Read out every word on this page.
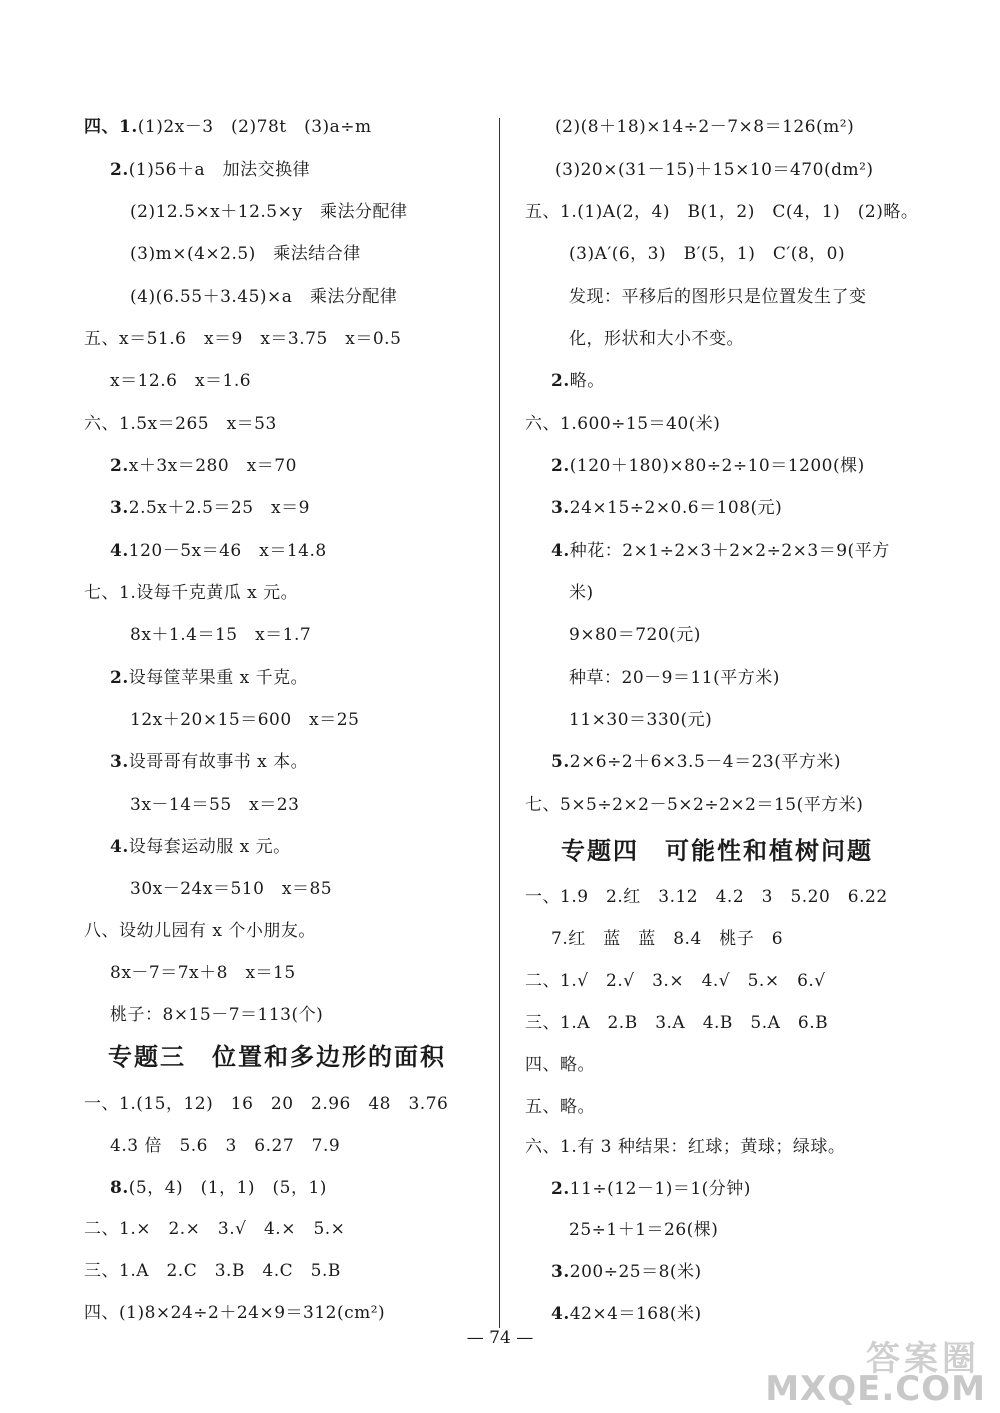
四、1.(1)2x－3　(2)78t　(3)a÷m
2.(1)56＋a　加法交换律
(2)12.5×x＋12.5×y　乘法分配律
(3)m×(4×2.5)　乘法结合律
(4)(6.55＋3.45)×a　乘法分配律
五、x＝51.6　x＝9　x＝3.75　x＝0.5
x＝12.6　x＝1.6
六、1.5x＝265　x＝53
2.x＋3x＝280　x＝70
3.2.5x＋2.5＝25　x＝9
4.120－5x＝46　x＝14.8
七、1.设每千克黄瓜 x 元。
8x＋1.4＝15　x＝1.7
2.设每筐苹果重 x 千克。
12x＋20×15＝600　x＝25
3.设哥哥有故事书 x 本。
3x－14＝55　x＝23
4.设每套运动服 x 元。
30x－24x＝510　x＝85
八、设幼儿园有 x 个小朋友。
8x－7＝7x＋8　x＝15
桃子：8×15－7＝113(个)
专题三　位置和多边形的面积
一、1.(15，12)　16　20　2.96　48　3.76
4.3 倍　5.6　3　6.27　7.9
8.(5，4)　(1，1)　(5，1)
二、1.×　2.×　3.√　4.×　5.×
三、1.A　2.C　3.B　4.C　5.B
四、(1)8×24÷2＋24×9＝312(cm²)
(2)(8＋18)×14÷2－7×8＝126(m²)
(3)20×(31－15)＋15×10＝470(dm²)
五、1.(1)A(2，4)　B(1，2)　C(4，1)　(2)略。
(3)A′(6，3)　B′(5，1)　C′(8，0)
发现：平移后的图形只是位置发生了变
化，形状和大小不变。
2.略。
六、1.600÷15＝40(米)
2.(120＋180)×80÷2÷10＝1200(棵)
3.24×15÷2×0.6＝108(元)
4.种花：2×1÷2×3＋2×2÷2×3＝9(平方
米)
9×80＝720(元)
种草：20－9＝11(平方米)
11×30＝330(元)
5.2×6÷2＋6×3.5－4＝23(平方米)
七、5×5÷2×2－5×2÷2×2＝15(平方米)
专题四　可能性和植树问题
一、1.9　2.红　3.12　4.2　3　5.20　6.22
7.红　蓝　蓝　8.4　桃子　6
二、1.√　2.√　3.×　4.√　5.×　6.√
三、1.A　2.B　3.A　4.B　5.A　6.B
四、略。
五、略。
六、1.有 3 种结果：红球；黄球；绿球。
2.11÷(12－1)＝1(分钟)
25÷1＋1＝26(棵)
3.200÷25＝8(米)
4.42×4＝168(米)
— 74 —
答案圈
MXQE.COM
